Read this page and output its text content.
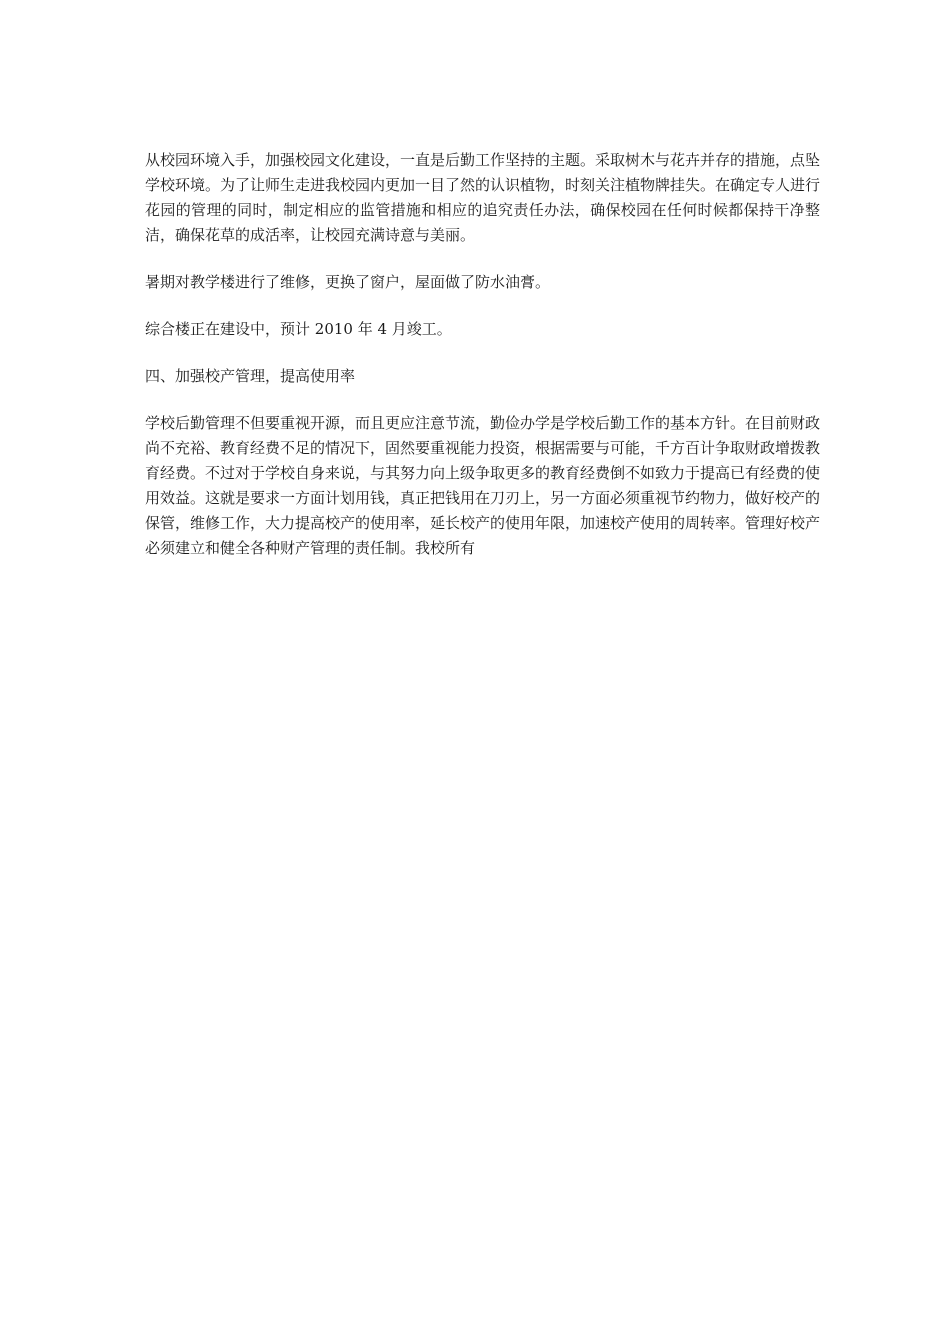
从校园环境入手，加强校园文化建设，一直是后勤工作坚持的主题。采取树木与花卉并存的措施，点坠学校环境。为了让师生走进我校园内更加一目了然的认识植物，时刻关注植物牌挂失。在确定专人进行花园的管理的同时，制定相应的监管措施和相应的追究责任办法，确保校园在任何时候都保持干净整洁，确保花草的成活率，让校园充满诗意与美丽。

暑期对教学楼进行了维修，更换了窗户，屋面做了防水油膏。

综合楼正在建设中，预计 2010 年 4 月竣工。

四、加强校产管理，提高使用率

学校后勤管理不但要重视开源，而且更应注意节流，勤俭办学是学校后勤工作的基本方针。在目前财政尚不充裕、教育经费不足的情况下，固然要重视能力投资，根据需要与可能，千方百计争取财政增拨教育经费。不过对于学校自身来说，与其努力向上级争取更多的教育经费倒不如致力于提高已有经费的使用效益。这就是要求一方面计划用钱，真正把钱用在刀刃上，另一方面必须重视节约物力，做好校产的保管，维修工作，大力提高校产的使用率，延长校产的使用年限，加速校产使用的周转率。管理好校产必须建立和健全各种财产管理的责任制。我校所有
